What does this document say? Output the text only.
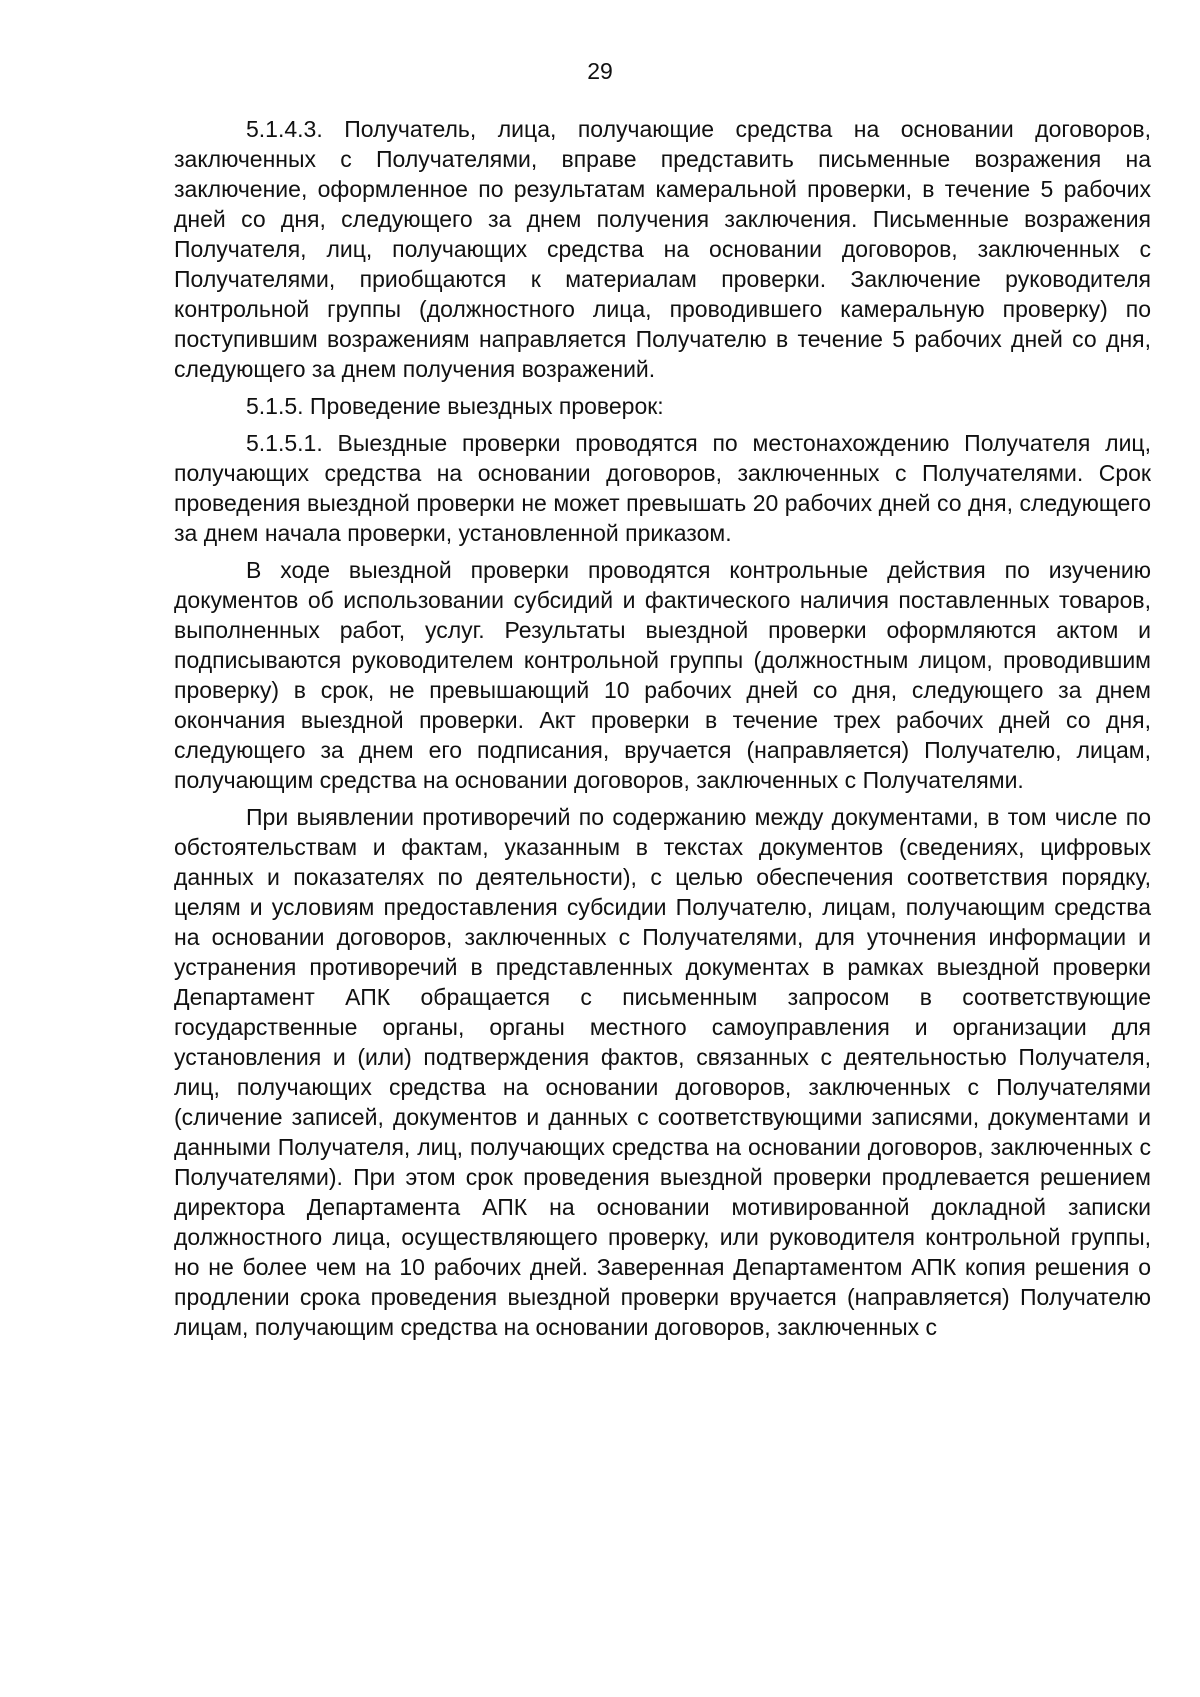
29

5.1.4.3. Получатель, лица, получающие средства на основании договоров, заключенных с Получателями, вправе представить письменные возражения на заключение, оформленное по результатам камеральной проверки, в течение 5 рабочих дней со дня, следующего за днем получения заключения. Письменные возражения Получателя, лиц, получающих средства на основании договоров, заключенных с Получателями, приобщаются к материалам проверки. Заключение руководителя контрольной группы (должностного лица, проводившего камеральную проверку) по поступившим возражениям направляется Получателю в течение 5 рабочих дней со дня, следующего за днем получения возражений.

5.1.5. Проведение выездных проверок:

5.1.5.1. Выездные проверки проводятся по местонахождению Получателя лиц, получающих средства на основании договоров, заключенных с Получателями. Срок проведения выездной проверки не может превышать 20 рабочих дней со дня, следующего за днем начала проверки, установленной приказом.

В ходе выездной проверки проводятся контрольные действия по изучению документов об использовании субсидий и фактического наличия поставленных товаров, выполненных работ, услуг. Результаты выездной проверки оформляются актом и подписываются руководителем контрольной группы (должностным лицом, проводившим проверку) в срок, не превышающий 10 рабочих дней со дня, следующего за днем окончания выездной проверки. Акт проверки в течение трех рабочих дней со дня, следующего за днем его подписания, вручается (направляется) Получателю, лицам, получающим средства на основании договоров, заключенных с Получателями.

При выявлении противоречий по содержанию между документами, в том числе по обстоятельствам и фактам, указанным в текстах документов (сведениях, цифровых данных и показателях по деятельности), с целью обеспечения соответствия порядку, целям и условиям предоставления субсидии Получателю, лицам, получающим средства на основании договоров, заключенных с Получателями, для уточнения информации и устранения противоречий в представленных документах в рамках выездной проверки Департамент АПК обращается с письменным запросом в соответствующие государственные органы, органы местного самоуправления и организации для установления и (или) подтверждения фактов, связанных с деятельностью Получателя, лиц, получающих средства на основании договоров, заключенных с Получателями (сличение записей, документов и данных с соответствующими записями, документами и данными Получателя, лиц, получающих средства на основании договоров, заключенных с Получателями). При этом срок проведения выездной проверки продлевается решением директора Департамента АПК на основании мотивированной докладной записки должностного лица, осуществляющего проверку, или руководителя контрольной группы, но не более чем на 10 рабочих дней. Заверенная Департаментом АПК копия решения о продлении срока проведения выездной проверки вручается (направляется) Получателю лицам, получающим средства на основании договоров, заключенных с
